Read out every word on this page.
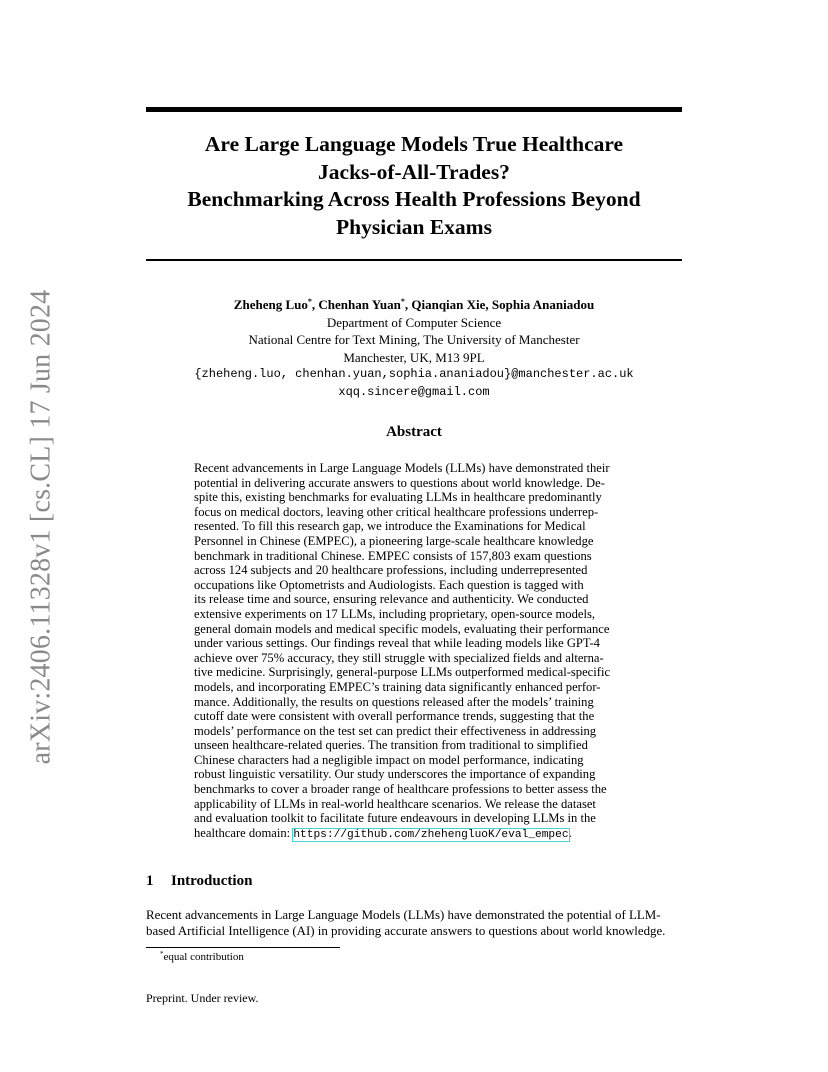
arXiv:2406.11328v1 [cs.CL] 17 Jun 2024
Are Large Language Models True Healthcare
Jacks-of-All-Trades?
Benchmarking Across Health Professions Beyond
Physician Exams
Zheheng Luo*, Chenhan Yuan*, Qianqian Xie, Sophia Ananiadou
Department of Computer Science
National Centre for Text Mining, The University of Manchester
Manchester, UK, M13 9PL
{zheheng.luo, chenhan.yuan,sophia.ananiadou}@manchester.ac.uk
xqq.sincere@gmail.com
Abstract
Recent advancements in Large Language Models (LLMs) have demonstrated their
potential in delivering accurate answers to questions about world knowledge. De-
spite this, existing benchmarks for evaluating LLMs in healthcare predominantly
focus on medical doctors, leaving other critical healthcare professions underrep-
resented. To fill this research gap, we introduce the Examinations for Medical
Personnel in Chinese (EMPEC), a pioneering large-scale healthcare knowledge
benchmark in traditional Chinese. EMPEC consists of 157,803 exam questions
across 124 subjects and 20 healthcare professions, including underrepresented
occupations like Optometrists and Audiologists. Each question is tagged with
its release time and source, ensuring relevance and authenticity. We conducted
extensive experiments on 17 LLMs, including proprietary, open-source models,
general domain models and medical specific models, evaluating their performance
under various settings. Our findings reveal that while leading models like GPT-4
achieve over 75% accuracy, they still struggle with specialized fields and alterna-
tive medicine. Surprisingly, general-purpose LLMs outperformed medical-specific
models, and incorporating EMPEC’s training data significantly enhanced perfor-
mance. Additionally, the results on questions released after the models’ training
cutoff date were consistent with overall performance trends, suggesting that the
models’ performance on the test set can predict their effectiveness in addressing
unseen healthcare-related queries. The transition from traditional to simplified
Chinese characters had a negligible impact on model performance, indicating
robust linguistic versatility. Our study underscores the importance of expanding
benchmarks to cover a broader range of healthcare professions to better assess the
applicability of LLMs in real-world healthcare scenarios. We release the dataset
and evaluation toolkit to facilitate future endeavours in developing LLMs in the
healthcare domain: https://github.com/zhehengluoK/eval_empec.
1 Introduction
Recent advancements in Large Language Models (LLMs) have demonstrated the potential of LLM-
based Artificial Intelligence (AI) in providing accurate answers to questions about world knowledge.
*equal contribution
Preprint. Under review.
